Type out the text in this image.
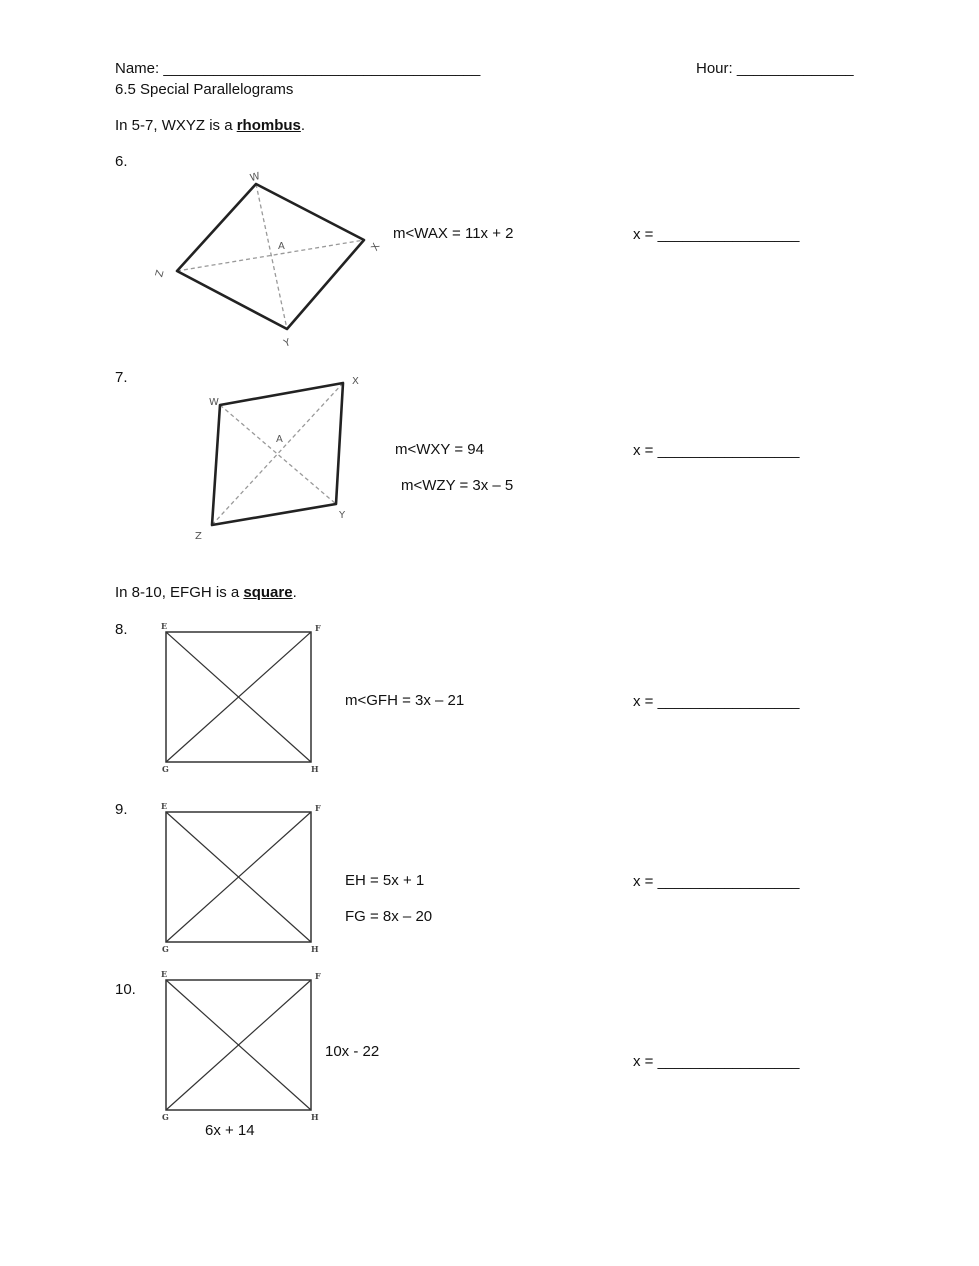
Name: ______________________________________	Hour: ______________
6.5 Special Parallelograms
In 5-7, WXYZ is a rhombus.
6.
W
X
Y
Z
A
m<WAX = 11x + 2	x = _________________
7.
W
X
Y
Z
A
m<WXY = 94
m<WZY = 3x – 5
x = _________________
In 8-10, EFGH is a square.
8.	E	F
G	H
m<GFH = 3x – 21	x = _________________
9.	E	F
G	H
EH = 5x + 1
FG = 8x – 20
x = _________________
10.
E	F
G	H
10x - 22
6x + 14
x = _________________
